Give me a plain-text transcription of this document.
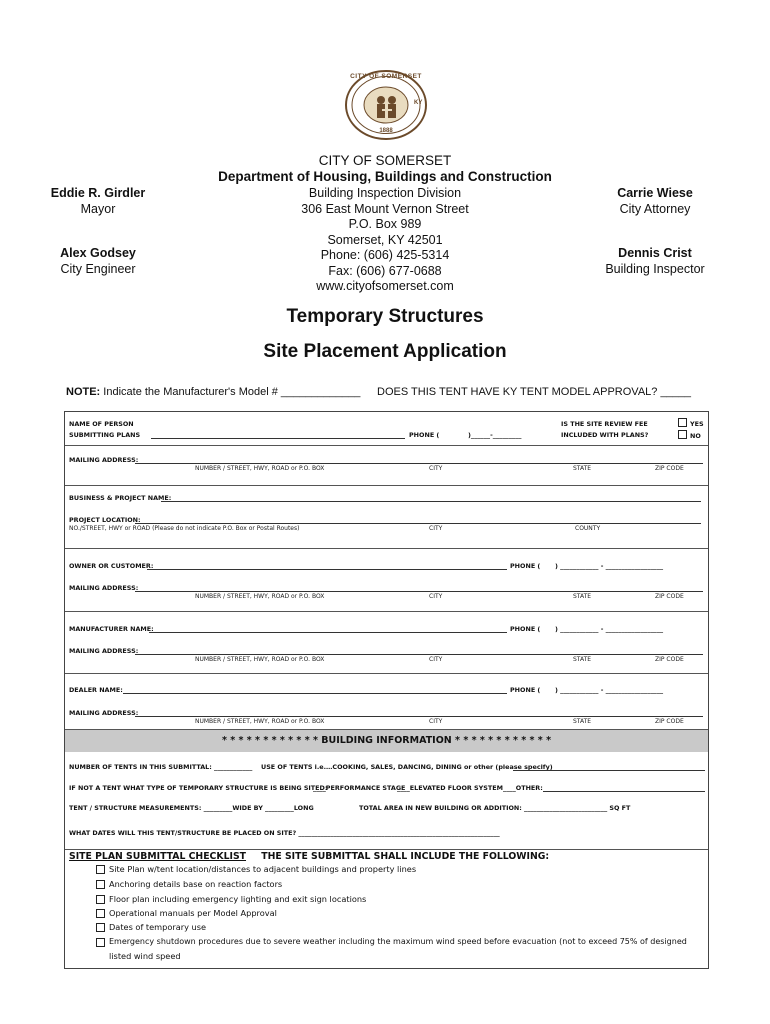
CITY OF SOMERSET
KY
1888
CITY OF SOMERSET
Department of Housing, Buildings and Construction
Building Inspection Division
306 East Mount Vernon Street
P.O. Box 989
Somerset, KY 42501
Phone: (606) 425-5314
Fax: (606) 677-0688
www.cityofsomerset.com
Eddie R. Girdler
Mayor
Alex Godsey
City Engineer
Carrie Wiese
City Attorney
Dennis Crist
Building Inspector
Temporary Structures
Site Placement Application
NOTE: Indicate the Manufacturer's Model # _____________ DOES THIS TENT HAVE KY TENT MODEL APPROVAL? _____
NAME OF PERSON
SUBMITTING PLANS	PHONE (	)______-_________
IS THE SITE REVIEW FEE
INCLUDED WITH PLANS?
YES
NO
MAILING ADDRESS:
NUMBER / STREET, HWY, ROAD or P.O. BOX	CITY	STATE	ZIP CODE
BUSINESS & PROJECT NAME:
PROJECT LOCATION:
NO./STREET, HWY or ROAD (Please do not indicate P.O. Box or Postal Routes)	CITY	COUNTY
OWNER OR CUSTOMER:	PHONE ( ) ____________ - __________________
MAILING ADDRESS:
NUMBER / STREET, HWY, ROAD or P.O. BOX	CITY	STATE	ZIP CODE
MANUFACTURER NAME:	PHONE ( ) ____________ - __________________
MAILING ADDRESS:
NUMBER / STREET, HWY, ROAD or P.O. BOX	CITY	STATE	ZIP CODE
DEALER NAME:	PHONE ( ) ____________ - __________________
MAILING ADDRESS:
NUMBER / STREET, HWY, ROAD or P.O. BOX	CITY	STATE	ZIP CODE
* * * * * * * * * * * * BUILDING INFORMATION * * * * * * * * * * * *
NUMBER OF TENTS IN THIS SUBMITTAL: ____________ USE OF TENTS i.e.…COOKING, SALES, DANCING, DINING or other (please specify)
IF NOT A TENT WHAT TYPE OF TEMPORARY STRUCTURE IS BEING SITED:
____PERFORMANCE STAGE
____ELEVATED FLOOR SYSTEM ____OTHER:
TENT / STRUCTURE MEASUREMENTS: _________WIDE BY _________LONG	TOTAL AREA IN NEW BUILDING OR ADDITION: __________________________ SQ FT
WHAT DATES WILL THIS TENT/STRUCTURE BE PLACED ON SITE? _______________________________________________________________
SITE PLAN SUBMITTAL CHECKLIST THE SITE SUBMITTAL SHALL INCLUDE THE FOLLOWING:
Site Plan w/tent location/distances to adjacent buildings and property lines
Anchoring details base on reaction factors
Floor plan including emergency lighting and exit sign locations
Operational manuals per Model Approval
Dates of temporary use
Emergency shutdown procedures due to severe weather including the maximum wind speed before evacuation (not to exceed 75% of designed
listed wind speed
